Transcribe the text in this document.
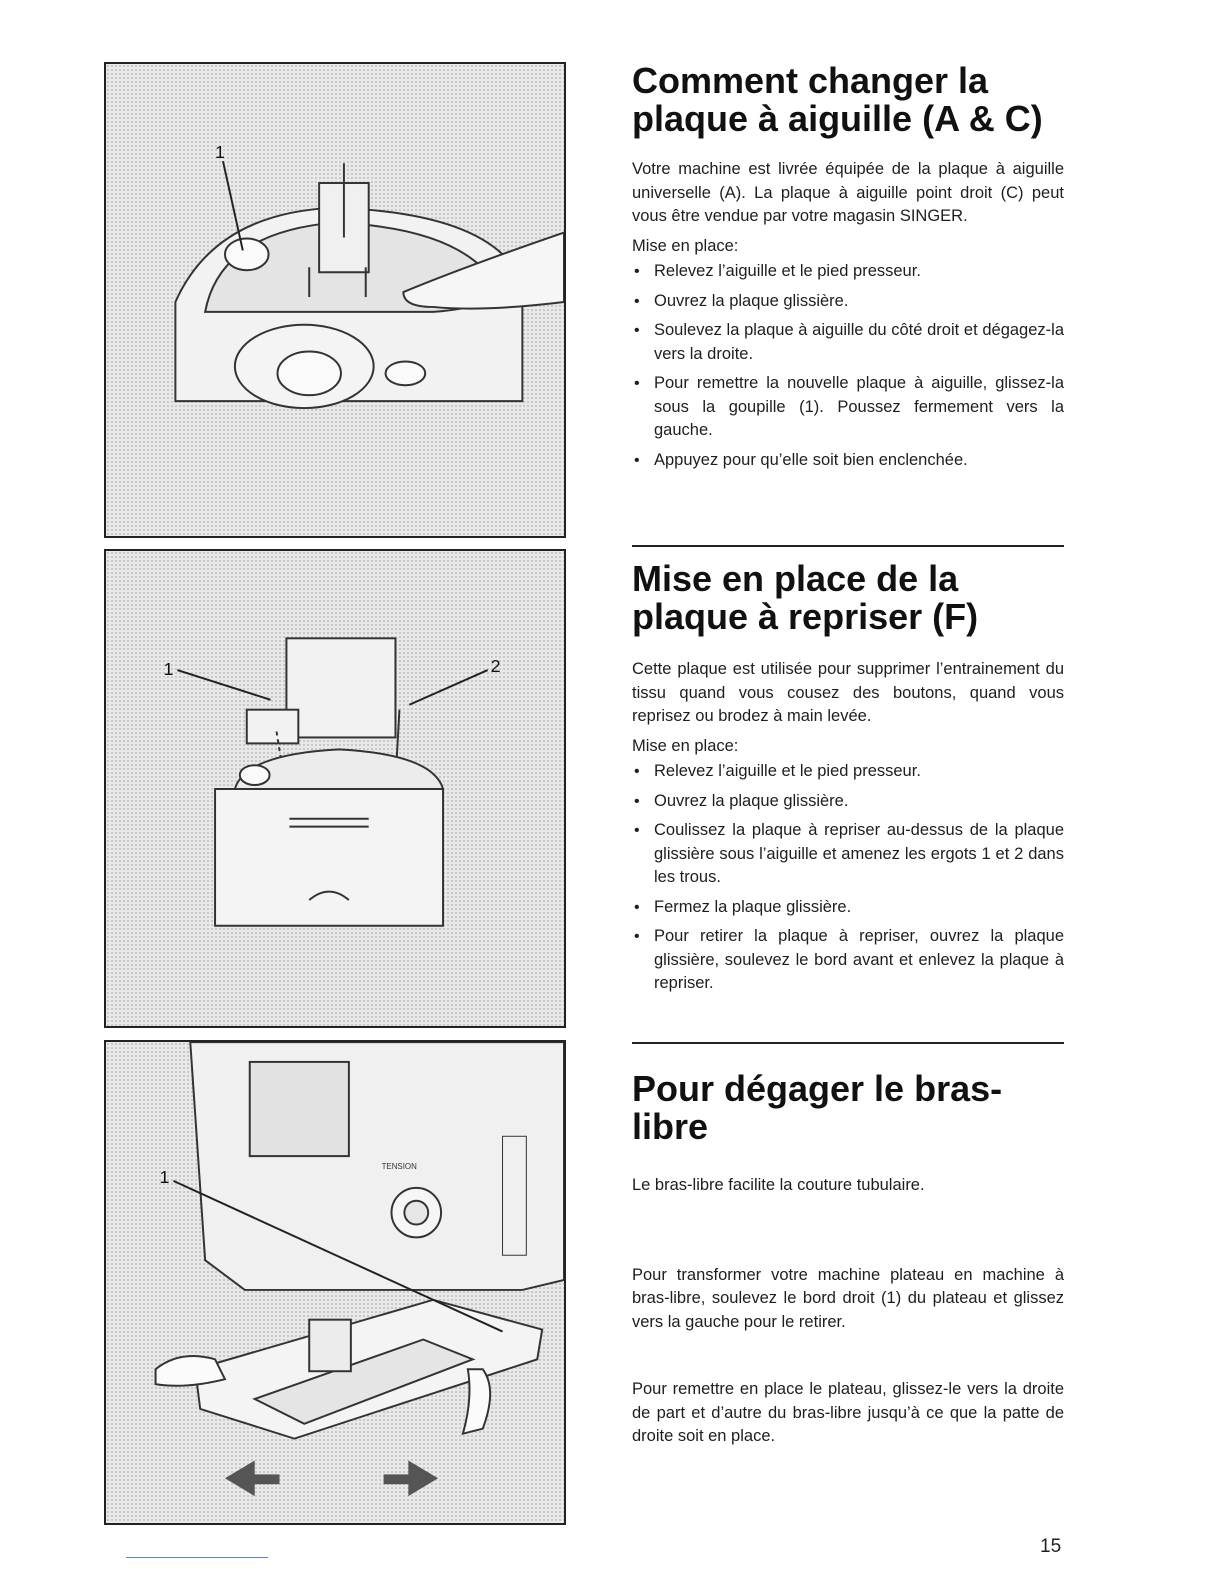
1
1	2
TENSION
1
Comment changer la
plaque à aiguille (A & C)

Votre machine est livrée équipée de la plaque à aiguille universelle (A). La plaque à aiguille point droit (C) peut vous être vendue par votre magasin SINGER.

Mise en place:

• Relevez l’aiguille et le pied presseur.
• Ouvrez la plaque glissière.
• Soulevez la plaque à aiguille du côté droit et dégagez-la vers la droite.
• Pour remettre la nouvelle plaque à aiguille, glissez-la sous la goupille (1). Poussez fermement vers la gauche.
• Appuyez pour qu’elle soit bien enclenchée.
Mise en place de la
plaque à repriser (F)

Cette plaque est utilisée pour supprimer l’entrainement du tissu quand vous cousez des boutons, quand vous reprisez ou brodez à main levée.

Mise en place:

• Relevez l’aiguille et le pied presseur.
• Ouvrez la plaque glissière.
• Coulissez la plaque à repriser au-dessus de la plaque glissière sous l’aiguille et amenez les ergots 1 et 2 dans les trous.
• Fermez la plaque glissière.
• Pour retirer la plaque à repriser, ouvrez la plaque glissière, soulevez le bord avant et enlevez la plaque à repriser.
Pour dégager le bras-
libre

Le bras-libre facilite la couture tubulaire.

Pour transformer votre machine plateau en machine à bras-libre, soulevez le bord droit (1) du plateau et glissez vers la gauche pour le retirer.

Pour remettre en place le plateau, glissez-le vers la droite de part et d’autre du bras-libre jusqu’à ce que la patte de droite soit en place.

15
